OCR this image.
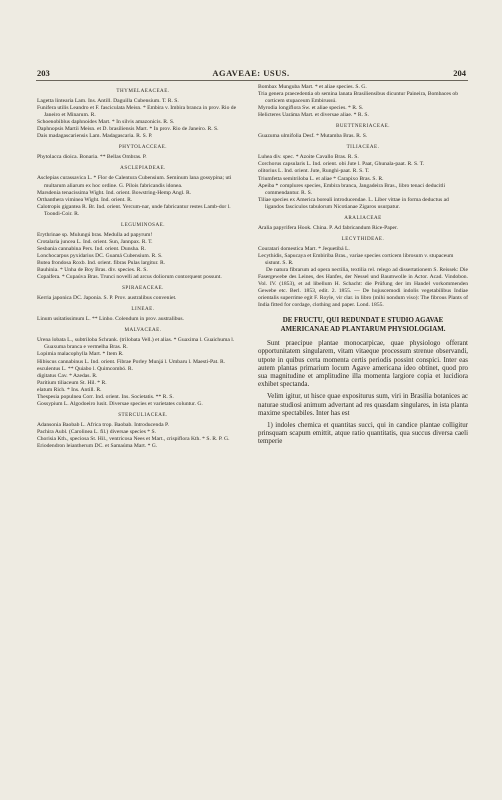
203	AGAVEAE: USUS.	204
THYMELAEACEAE.
Lagetta lintearia Lam. Ins. Antill. Daguilla Cubensium. T. R. S.
Funifera utilis Leandro et F. fasciculata Meisn. * Embira v. Imbira branca in prov. Rio de Janeiro et Minarum. R.
Schoenobiblus daphnoides Mart. * In silvis amazonicis. R. S.
Daphnopsis Martii Meisn. et D. brasiliensis Mart. * In prov. Rio de Janeiro. R. S.
Dais madagascariensis Lam. Madagascaria. R. S. P.
PHYTOLACCEAE.
Phytolacca dioica. Bonaria. ** Bellas Ombras. P.
ASCLEPIADEAE.
Asclepias curassavica L. * Flor de Calentura Cubensium. Seminum lana gossypina; uti multarum aliarum ex hoc ordine. G. Pilois fabricandis idonea.
Marsdenia tenacissima Wight. Ind. orient. Bowstring-Hemp Angl. R.
Orthanthera viminea Wight. Ind. orient. R.
Calotropis gigantea R. Br. Ind. orient. Yercum-nar, unde fabricantur restes Lamb-dor l. Toondi-Coir. R.
LEGUMINOSAE.
Erythrinae sp. Mulungú bras. Medulla ad papyrum!
Crotalaria juncea L. Ind. orient. Sun, Jannpax. R. T.
Sesbania cannabina Pers. Ind. orient. Dunsha. R.
Lonchocarpus pyxidarius DC. Guamá Cubensium. R. S.
Butea frondosa Roxb. Ind. orient. fibras Pulas largitur. R.
Bauhinia. * Unha de Boy Bras. div. species. R. S.
Copaifera. * Cupaúva Bras. Trunci novelli ad arcus doliorum contorquent possunt.
SPIRAEACEAE.
Kerria japonica DC. Japonia. S. P. Prov. australibus conveniet.
LINEAE.
Linum usitatissimum L. ** Linho. Colendum in prov. australibus.
MALVACEAE.
Urena lobata L., subtriloba Schrank. (trilobata Vell.) et alias. * Guaxima l. Guaichuma l. Guaxuma branca e vermelha Bras. R.
Lopimia malacophylla Mart. * Item R.
Hibiscus cannabinus L. Ind. orient. Fibrae Porley Munjá l. Umbaru l. Maesti-Pat. R.
esculentus L. ** Quiabo l. Quimcombó. R.
digitatus Cav. * Azedas. R.
Paritium tiliaceum St. Hil. * R.
elatum Rich. * Ins. Antill. R.
Thespesia populnea Corr. Ind. orient. Ins. Societatis. ** R. S.
Gossypium L. Algodoeiro lusit. Diversae species et varietates coluntur. G.
STERCULIACEAE.
Adansonia Baobab L. Africa trop. Baobab. Introducenda P.
Pachira Aubl. (Carolinea L. fil.) diversae species * S.
Chorisia Kth., speciosa St. Hil., ventricosa Nees et Mart., crispiflora Kth. * S. R. P. G.
Eriodendron leiantherum DC. et Samaúma Mart. * G.
Bombax Munguba Mart. * et aliae species. S. G.
Tria genera praecedentia ob semina lanata Brasiliensibus dicuntur Paineira, Bombaces ob corticem stupaceum Embirussú.
Myrodia longiflora Sw. et aliae species. * R. S.
Helicteres Uaráma Mart. et diversae aliae. * R. S.
BUETTNERIACEAE.
Guazuma ulmifolia Desf. * Mutamba Bras. R. S.
TILIACEAE.
Luhea div. spec. * Azoite Cavallo Bras. R. S.
Corchorus capsularis L. Ind. orient. obi Jute l. Paat, Ghunala-paat. R. S. T.
olitorius L. Ind. orient. Jute, Runghi-paat. R. S. T.
Triumfetta semitriloba L. et aliae * Carapixo Bras. S. R.
Apeiba * complures species, Embira branca, Jangadeira Bras., libro tenaci deducitli commendantur. R. S.
Tiliae species ex America boreali introducendae. L. Liber vittae in forma deductus ad ligandos fasciculos tabulorum Nicotianae Zigaros usurpatur.
ARALIACEAE
Aralia papyrifera Hook. China. P. Ad fabricandum Rice-Paper.
LECYTHIDEAE.
Couratari domestica Mart. * Jequetibá L.
Lecythidis, Sapucaya et Embiriba Bras., variae species corticem librosum v. stupaceum sistunt. S. R.
De natura fibrarum ad opera nectilia, textilia rel. relego ad dissertationem S. Reissek: Die Fasergewebe des Leines, des Hanfes, der Nessel und Baumwolle in Actor. Acad. Vindobon. Vol. IV. (1853), et ad libellum H. Schacht: die Prüfung der im Handel vorkommenden Gewebe etc. Berl. 1853, edit. 2. 1855. — De hujuscemodi indolis vegetabilibus Indiae orientalis superrime egit F. Royle, vir clar. in libro (mihi nondum viso): The fibrous Plants of India fitted for cordage, clothing and paper. Lond. 1855.
DE FRUCTU, QUI REDUNDAT E STUDIO AGAVAE AMERICANAE AD PLANTARUM PHYSIOLOGIAM.
Sunt praecipue plantae monocarpicae, quae physiologo offerant opportunitatem singularem, vitam vitaeque processum strenue observandi, utpote in quibus certa momenta certis periodis possint conspici. Inter eas autem plantas primarium locum Agave americana ideo obtinet, quod pro sua magnitudine et amplitudine illa momenta largiore copia et lucidiora exhibet spectanda.
Velim igitur, ut hisce quae expositurus sum, viri in Brasilia botanices ac naturae studiosi animum advertant ad res quasdam singulares, in ista planta maxime spectabiles. Inter has est
1) indoles chemica et quantitas succi, qui in candice plantae colligitur prinsquam scapum emittit, atque ratio quantitatis, qua succus diversa caeli temperie
